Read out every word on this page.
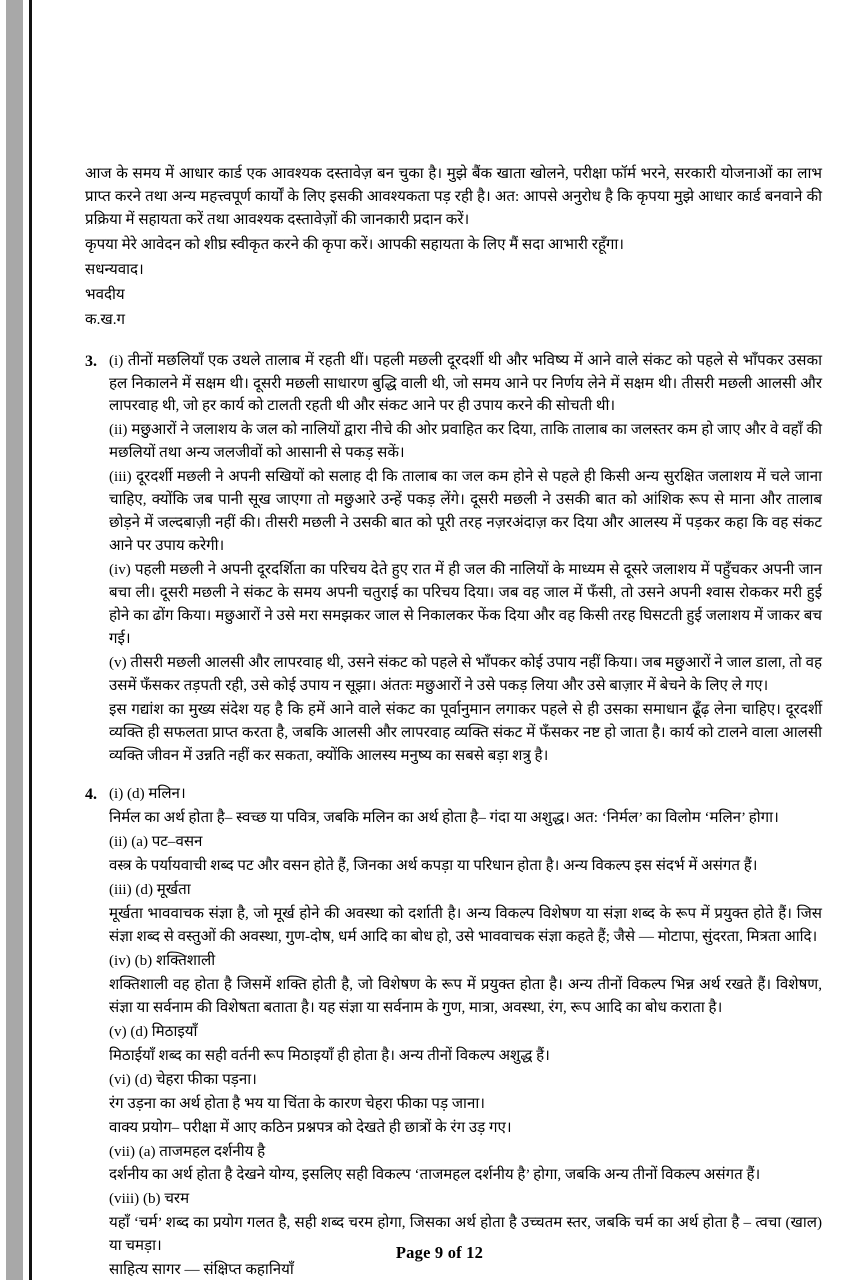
आज के समय में आधार कार्ड एक आवश्यक दस्तावेज़ बन चुका है। मुझे बैंक खाता खोलने, परीक्षा फॉर्म भरने, सरकारी योजनाओं का लाभ प्राप्त करने तथा अन्य महत्त्वपूर्ण कार्यों के लिए इसकी आवश्यकता पड़ रही है। अत: आपसे अनुरोध है कि कृपया मुझे आधार कार्ड बनवाने की प्रक्रिया में सहायता करें तथा आवश्यक दस्तावेज़ों की जानकारी प्रदान करें।

कृपया मेरे आवेदन को शीघ्र स्वीकृत करने की कृपा करें। आपकी सहायता के लिए मैं सदा आभारी रहूँगा।

सधन्यवाद।

भवदीय

क.ख.ग

3. (i) तीनों मछलियाँ एक उथले तालाब में रहती थीं। पहली मछली दूरदर्शी थी और भविष्य में आने वाले संकट को पहले से भाँपकर उसका हल निकालने में सक्षम थी। दूसरी मछली साधारण बुद्धि वाली थी, जो समय आने पर निर्णय लेने में सक्षम थी। तीसरी मछली आलसी और लापरवाह थी, जो हर कार्य को टालती रहती थी और संकट आने पर ही उपाय करने की सोचती थी।

(ii) मछुआरों ने जलाशय के जल को नालियों द्वारा नीचे की ओर प्रवाहित कर दिया, ताकि तालाब का जलस्तर कम हो जाए और वे वहाँ की मछलियों तथा अन्य जलजीवों को आसानी से पकड़ सकें।

(iii) दूरदर्शी मछली ने अपनी सखियों को सलाह दी कि तालाब का जल कम होने से पहले ही किसी अन्य सुरक्षित जलाशय में चले जाना चाहिए, क्योंकि जब पानी सूख जाएगा तो मछुआरे उन्हें पकड़ लेंगे। दूसरी मछली ने उसकी बात को आंशिक रूप से माना और तालाब छोड़ने में जल्दबाज़ी नहीं की। तीसरी मछली ने उसकी बात को पूरी तरह नज़रअंदाज़ कर दिया और आलस्य में पड़कर कहा कि वह संकट आने पर उपाय करेगी।

(iv) पहली मछली ने अपनी दूरदर्शिता का परिचय देते हुए रात में ही जल की नालियों के माध्यम से दूसरे जलाशय में पहुँचकर अपनी जान बचा ली। दूसरी मछली ने संकट के समय अपनी चतुराई का परिचय दिया। जब वह जाल में फँसी, तो उसने अपनी श्वास रोककर मरी हुई होने का ढोंग किया। मछुआरों ने उसे मरा समझकर जाल से निकालकर फेंक दिया और वह किसी तरह घिसटती हुई जलाशय में जाकर बच गई।

(v) तीसरी मछली आलसी और लापरवाह थी, उसने संकट को पहले से भाँपकर कोई उपाय नहीं किया। जब मछुआरों ने जाल डाला, तो वह उसमें फँसकर तड़पती रही, उसे कोई उपाय न सूझा। अंततः मछुआरों ने उसे पकड़ लिया और उसे बाज़ार में बेचने के लिए ले गए।

इस गद्यांश का मुख्य संदेश यह है कि हमें आने वाले संकट का पूर्वानुमान लगाकर पहले से ही उसका समाधान ढूँढ़ लेना चाहिए। दूरदर्शी व्यक्ति ही सफलता प्राप्त करता है, जबकि आलसी और लापरवाह व्यक्ति संकट में फँसकर नष्ट हो जाता है। कार्य को टालने वाला आलसी व्यक्ति जीवन में उन्नति नहीं कर सकता, क्योंकि आलस्य मनुष्य का सबसे बड़ा शत्रु है।

4. (i) (d) मलिन।

निर्मल का अर्थ होता है– स्वच्छ या पवित्र, जबकि मलिन का अर्थ होता है– गंदा या अशुद्ध। अत: ‘निर्मल’ का विलोम ‘मलिन’ होगा।

(ii) (a) पट–वसन

वस्त्र के पर्यायवाची शब्द पट और वसन होते हैं, जिनका अर्थ कपड़ा या परिधान होता है। अन्य विकल्प इस संदर्भ में असंगत हैं।

(iii) (d) मूर्खता

मूर्खता भाववाचक संज्ञा है, जो मूर्ख होने की अवस्था को दर्शाती है। अन्य विकल्प विशेषण या संज्ञा शब्द के रूप में प्रयुक्त होते हैं। जिस संज्ञा शब्द से वस्तुओं की अवस्था, गुण-दोष, धर्म आदि का बोध हो, उसे भाववाचक संज्ञा कहते हैं; जैसे — मोटापा, सुंदरता, मित्रता आदि।

(iv) (b) शक्तिशाली

शक्तिशाली वह होता है जिसमें शक्ति होती है, जो विशेषण के रूप में प्रयुक्त होता है। अन्य तीनों विकल्प भिन्न अर्थ रखते हैं। विशेषण, संज्ञा या सर्वनाम की विशेषता बताता है। यह संज्ञा या सर्वनाम के गुण, मात्रा, अवस्था, रंग, रूप आदि का बोध कराता है।

(v) (d) मिठाइयाँ

मिठाईयाँ शब्द का सही वर्तनी रूप मिठाइयाँ ही होता है। अन्य तीनों विकल्प अशुद्ध हैं।

(vi) (d) चेहरा फीका पड़ना।

रंग उड़ना का अर्थ होता है भय या चिंता के कारण चेहरा फीका पड़ जाना।

वाक्य प्रयोग– परीक्षा में आए कठिन प्रश्नपत्र को देखते ही छात्रों के रंग उड़ गए।

(vii) (a) ताजमहल दर्शनीय है

दर्शनीय का अर्थ होता है देखने योग्य, इसलिए सही विकल्प ‘ताजमहल दर्शनीय है’ होगा, जबकि अन्य तीनों विकल्प असंगत हैं।

(viii) (b) चरम

यहाँ ‘चर्म’ शब्द का प्रयोग गलत है, सही शब्द चरम होगा, जिसका अर्थ होता है उच्चतम स्तर, जबकि चर्म का अर्थ होता है – त्वचा (खाल) या चमड़ा।

साहित्य सागर — संक्षिप्त कहानियाँ

Page 9 of 12
